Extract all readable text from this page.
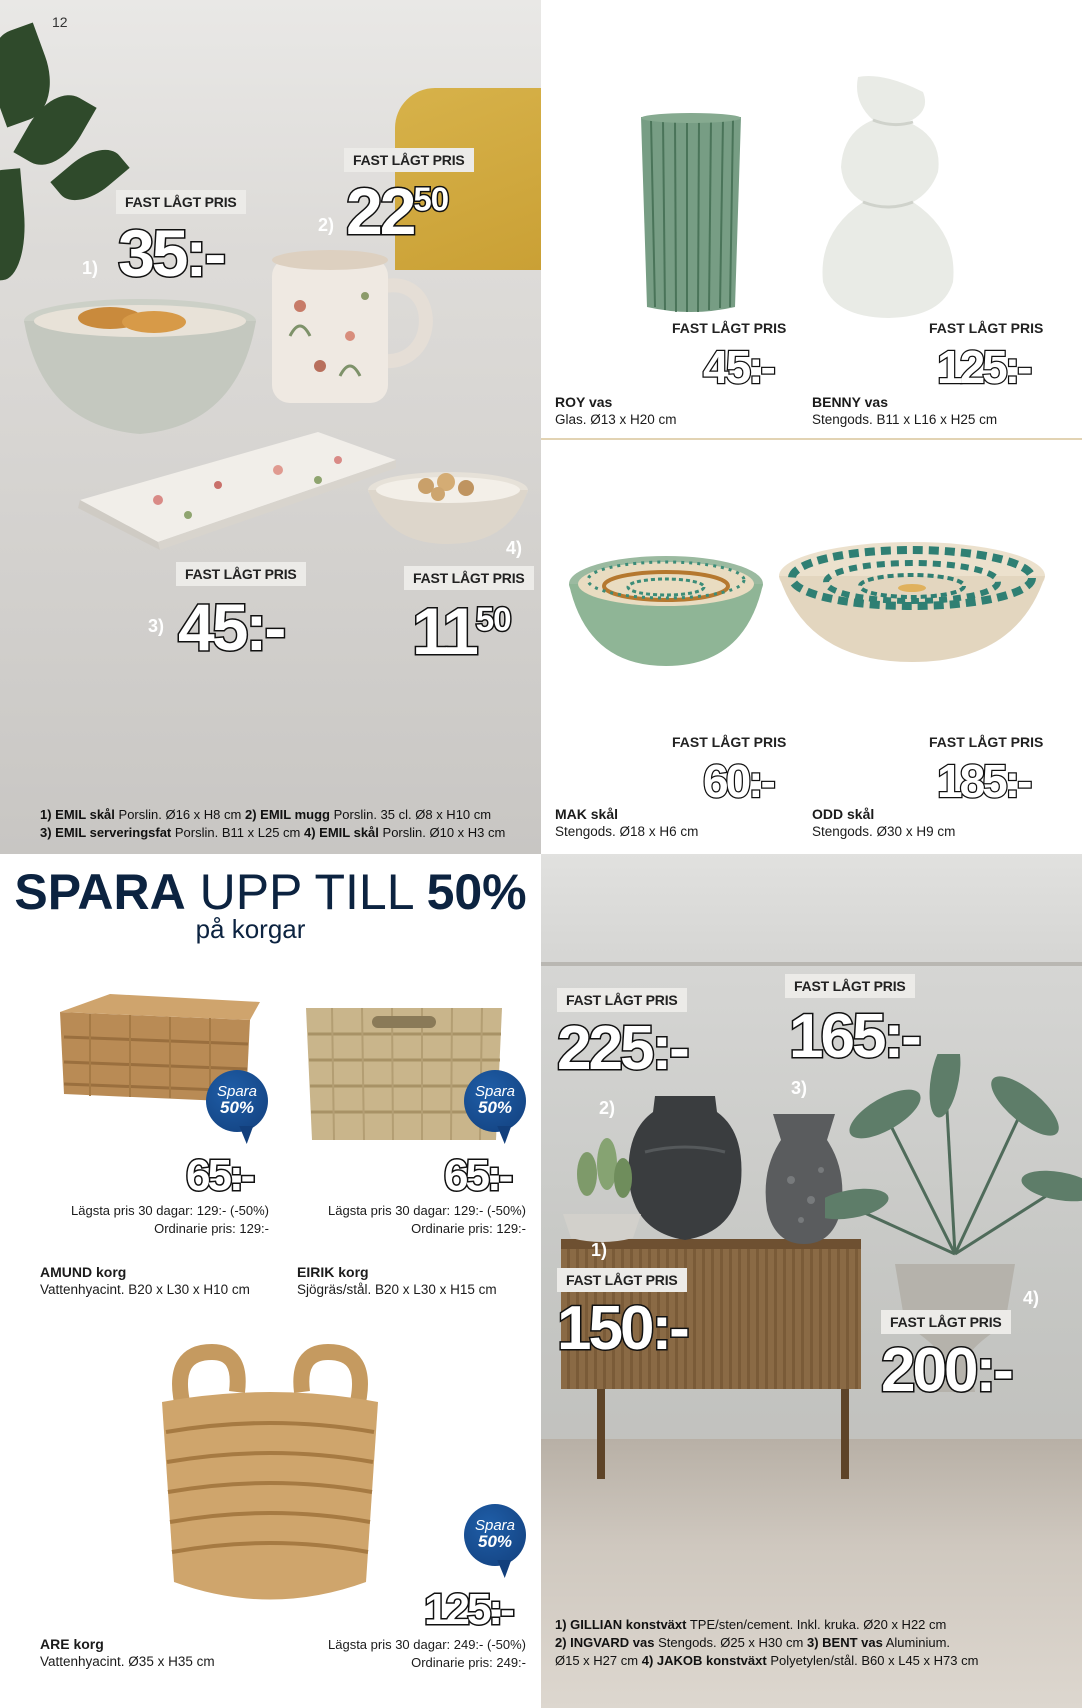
FAST LÅGT PRIS
1) 35:-
FAST LÅGT PRIS
2) $22^{50}$
FAST LÅGT PRIS
3) 45:-
4)
FAST LÅGT PRIS
$11^{50}$
1) EMIL skål Porslin. Ø16 x H8 cm 2) EMIL mugg Porslin. 35 cl. Ø8 x H10 cm
3) EMIL serveringsfat Porslin. B11 x L25 cm 4) EMIL skål Porslin. Ø10 x H3 cm
12
FAST LÅGT PRIS
45:-
ROY vas
Glas. Ø13 x H20 cm
FAST LÅGT PRIS
125:-
BENNY vas
Stengods. B11 x L16 x H25 cm
FAST LÅGT PRIS
60:-
MAK skål
Stengods. Ø18 x H6 cm
FAST LÅGT PRIS
185:-
ODD skål
Stengods. Ø30 x H9 cm
SPARA UPP TILL 50%
på korgar
Spara
50%
Spara
50%
Spara
50%
65:-
Lägsta pris 30 dagar: 129:- (-50%)
Ordinarie pris: 129:-
AMUND korg
Vattenhyacint. B20 x L30 x H10 cm
65:-
Lägsta pris 30 dagar: 129:- (-50%)
Ordinarie pris: 129:-
EIRIK korg
Sjögräs/stål. B20 x L30 x H15 cm
125:-
Lägsta pris 30 dagar: 249:- (-50%)
Ordinarie pris: 249:-
ARE korg
Vattenhyacint. Ø35 x H35 cm
FAST LÅGT PRIS
225:-
2)
FAST LÅGT PRIS
165:-
3)
1)
FAST LÅGT PRIS
150:-	4)
FAST LÅGT PRIS
200:-
1) GILLIAN konstväxt TPE/sten/cement. Inkl. kruka. Ø20 x H22 cm
2) INGVARD vas Stengods. Ø25 x H30 cm 3) BENT vas Aluminium.
Ø15 x H27 cm 4) JAKOB konstväxt Polyetylen/stål. B60 x L45 x H73 cm
